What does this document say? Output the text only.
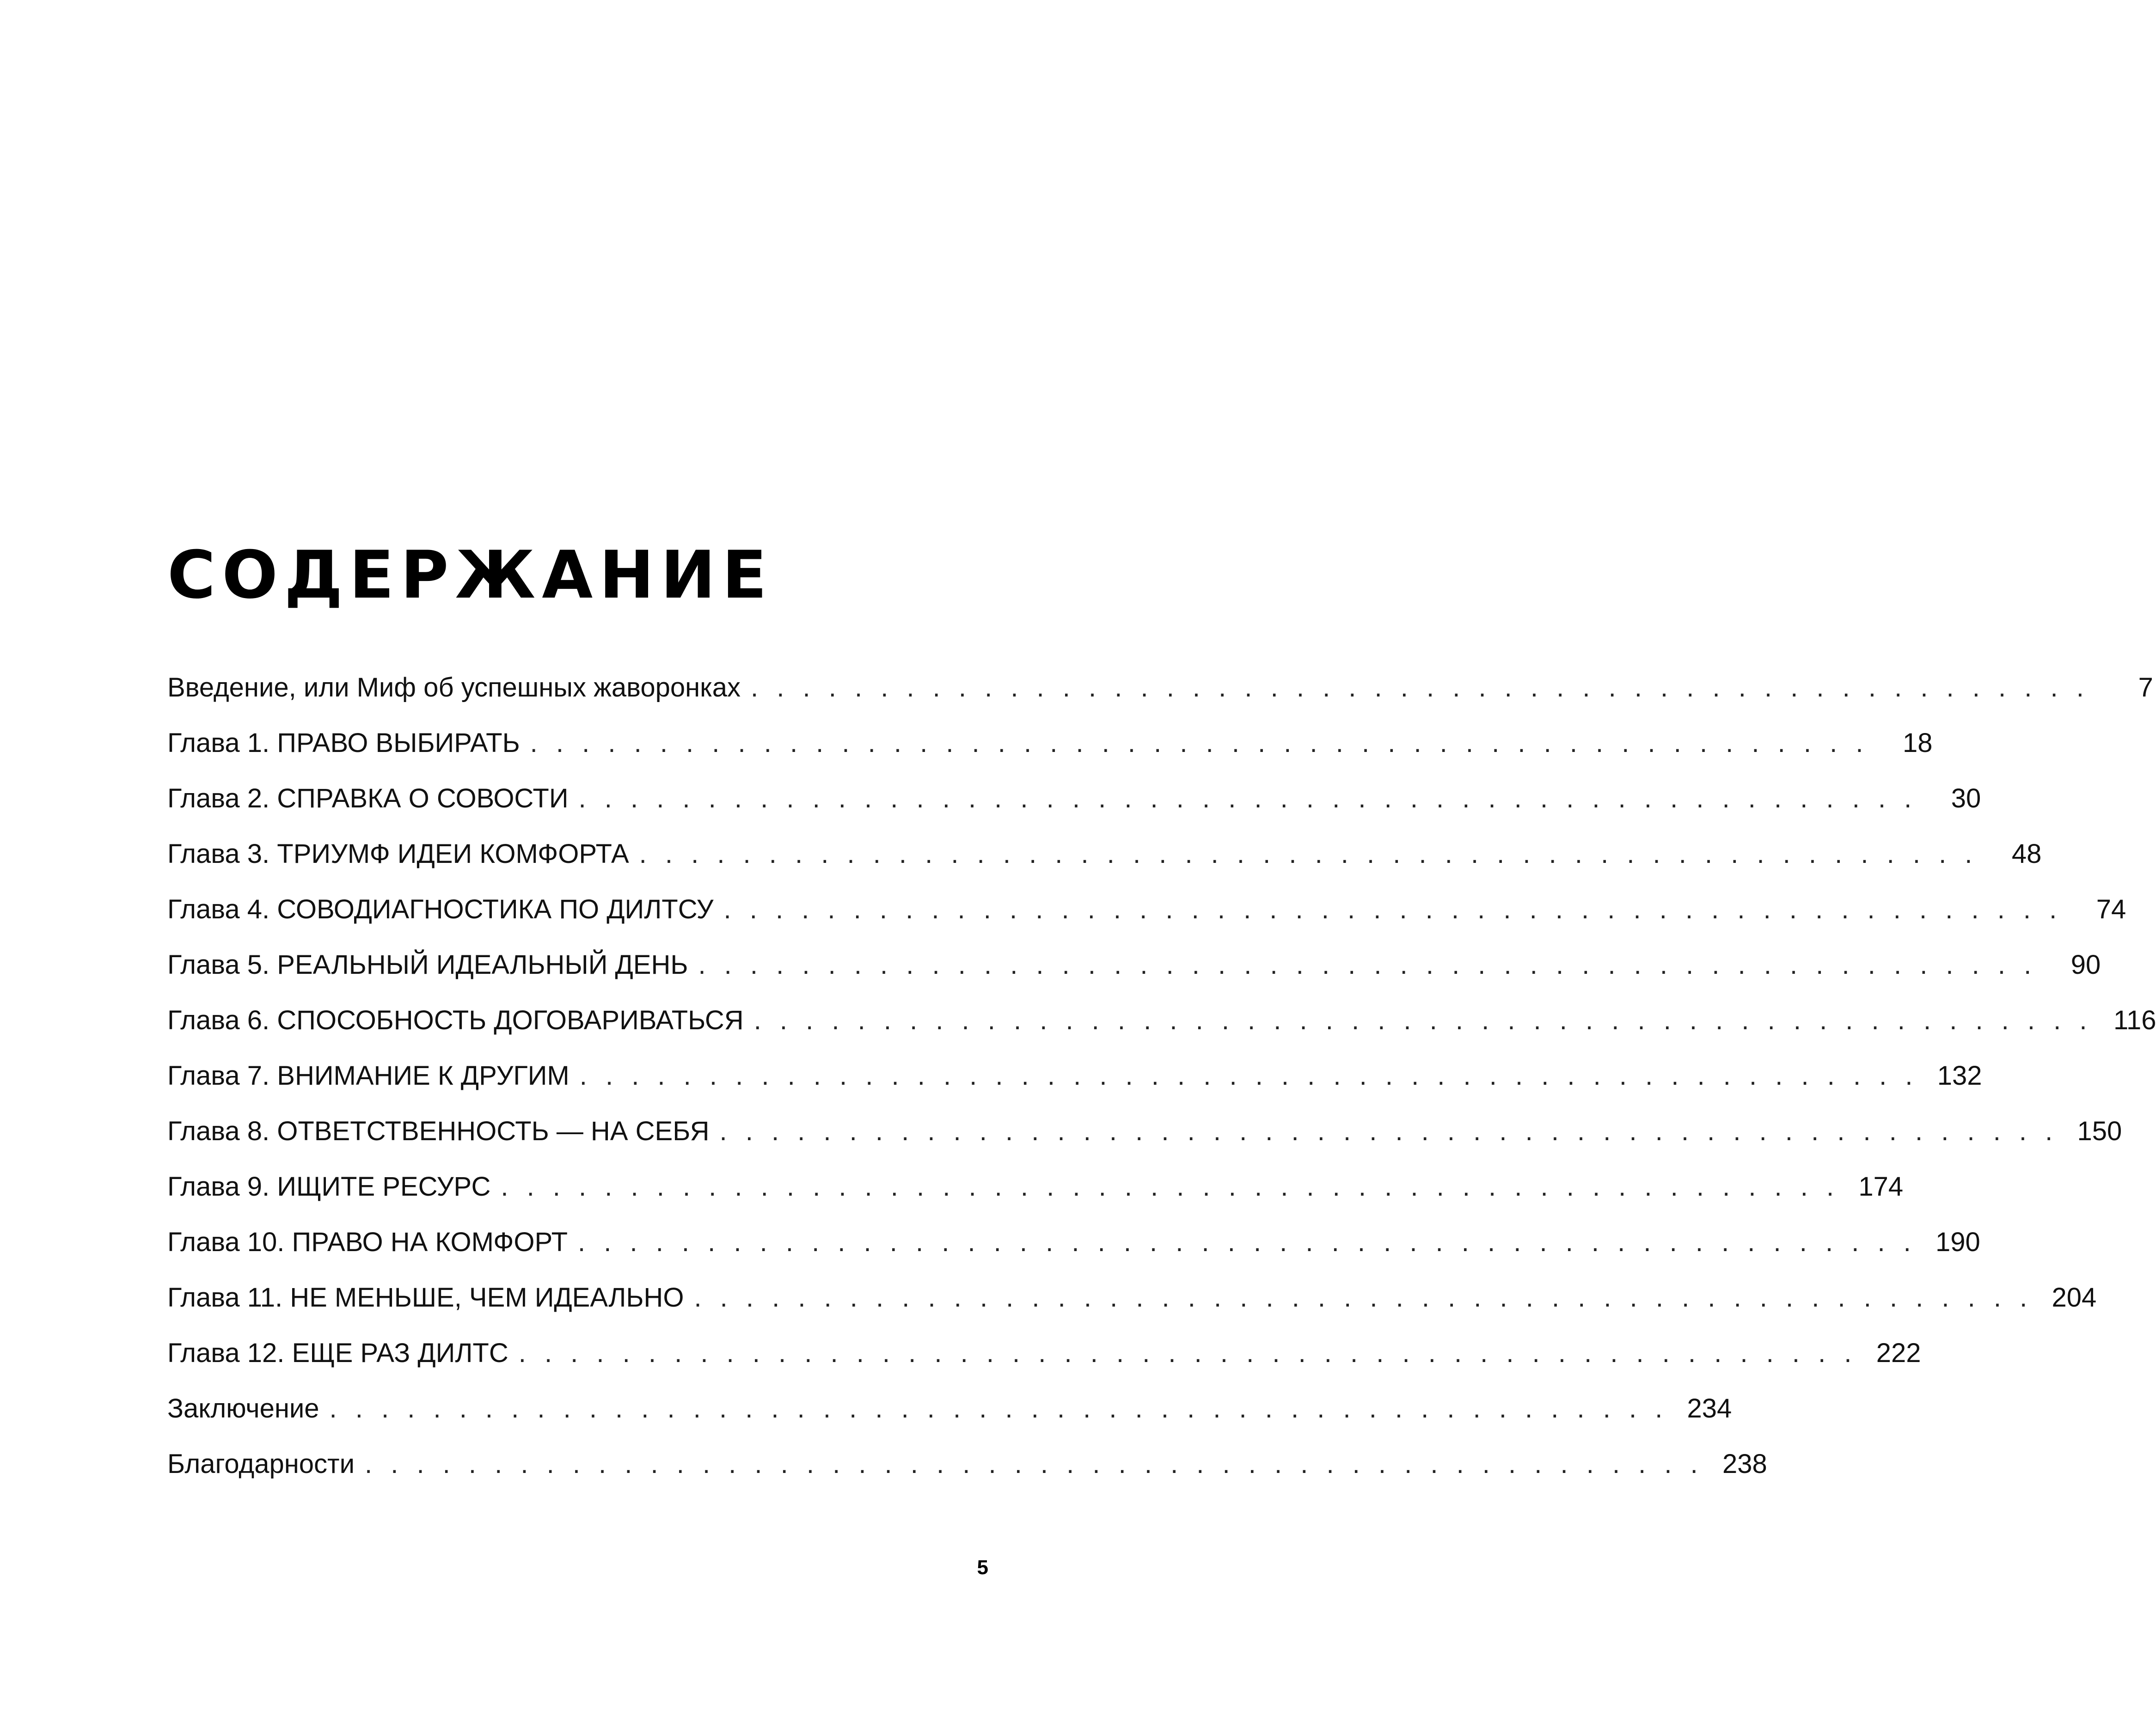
СОДЕРЖАНИЕ
Введение, или Миф об успешных жаворонках . . . . . . . . . . . . . . . . . . . . . . . . . . . . . . . . . . . . . . . . . . . . . . . . . . . .	7
Глава 1. ПРАВО ВЫБИРАТЬ . . . . . . . . . . . . . . . . . . . . . . . . . . . . . . . . . . . . . . . . . . . . . . . . . . . .	18
Глава 2. СПРАВКА О СОВОСТИ . . . . . . . . . . . . . . . . . . . . . . . . . . . . . . . . . . . . . . . . . . . . . . . . . . . .	30
Глава 3. ТРИУМФ ИДЕИ КОМФОРТА . . . . . . . . . . . . . . . . . . . . . . . . . . . . . . . . . . . . . . . . . . . . . . . . . . . .	48
Глава 4. СОВОДИАГНОСТИКА ПО ДИЛТСУ . . . . . . . . . . . . . . . . . . . . . . . . . . . . . . . . . . . . . . . . . . . . . . . . . . . .	74
Глава 5. РЕАЛЬНЫЙ ИДЕАЛЬНЫЙ ДЕНЬ . . . . . . . . . . . . . . . . . . . . . . . . . . . . . . . . . . . . . . . . . . . . . . . . . . . .	90
Глава 6. СПОСОБНОСТЬ ДОГОВАРИВАТЬСЯ . . . . . . . . . . . . . . . . . . . . . . . . . . . . . . . . . . . . . . . . . . . . . . . . . . . . 116
Глава 7. ВНИМАНИЕ К ДРУГИМ . . . . . . . . . . . . . . . . . . . . . . . . . . . . . . . . . . . . . . . . . . . . . . . . . . . . 132
Глава 8. ОТВЕТСТВЕННОСТЬ — НА СЕБЯ . . . . . . . . . . . . . . . . . . . . . . . . . . . . . . . . . . . . . . . . . . . . . . . . . . . . 150
Глава 9. ИЩИТЕ РЕСУРС . . . . . . . . . . . . . . . . . . . . . . . . . . . . . . . . . . . . . . . . . . . . . . . . . . . . 174
Глава 10. ПРАВО НА КОМФОРТ . . . . . . . . . . . . . . . . . . . . . . . . . . . . . . . . . . . . . . . . . . . . . . . . . . . . 190
Глава 11. НЕ МЕНЬШЕ, ЧЕМ ИДЕАЛЬНО . . . . . . . . . . . . . . . . . . . . . . . . . . . . . . . . . . . . . . . . . . . . . . . . . . . . 204
Глава 12. ЕЩЕ РАЗ ДИЛТС . . . . . . . . . . . . . . . . . . . . . . . . . . . . . . . . . . . . . . . . . . . . . . . . . . . . 222
Заключение . . . . . . . . . . . . . . . . . . . . . . . . . . . . . . . . . . . . . . . . . . . . . . . . . . . . 234
Благодарности . . . . . . . . . . . . . . . . . . . . . . . . . . . . . . . . . . . . . . . . . . . . . . . . . . . . 238
5
